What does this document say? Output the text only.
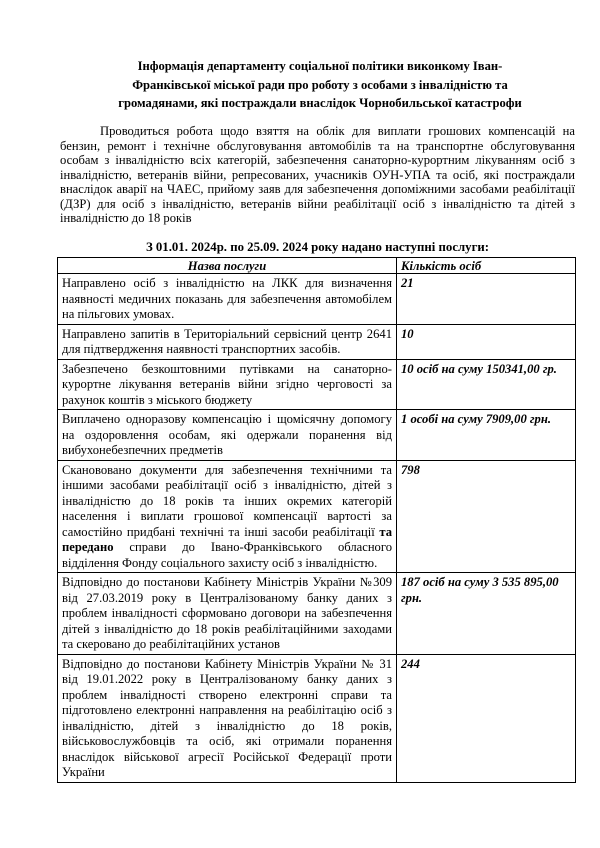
Інформація департаменту соціальної політики виконкому Іван-
Франківської міської ради про роботу з особами з інвалідністю та
громадянами, які постраждали внаслідок Чорнобильської катастрофи
Проводиться робота щодо взяття на облік для виплати грошових компенсацій на бензин, ремонт і технічне обслуговування автомобілів та на транспортне обслуговування особам з інвалідністю всіх категорій, забезпечення санаторно-курортним лікуванням осіб з інвалідністю, ветеранів війни, репресованих, учасників ОУН-УПА та осіб, які постраждали внаслідок аварії на ЧАЕС, прийому заяв для забезпечення допоміжними засобами реабілітації (ДЗР) для осіб з інвалідністю, ветеранів війни реабілітації осіб з інвалідністю та дітей з інвалідністю до 18 років
З 01.01. 2024р. по 25.09. 2024 року надано наступні послуги:
Назва послуги	Кількість осіб
Направлено осіб з інвалідністю на ЛКК для визначення наявності медичних показань для забезпечення автомобілем на пільгових умовах.	21
Направлено запитів в Територіальний сервісний центр 2641 для підтвердження наявності транспортних засобів.	10
Забезпечено безкоштовними путівками на санаторно-курортне лікування ветеранів війни згідно черговості за рахунок коштів з міського бюджету	10 осіб на суму 150341,00 гр.
Виплачено одноразову компенсацію і щомісячну допомогу на оздоровлення особам, які одержали поранення від вибухонебезпечних предметів	1 особі на суму 7909,00 грн.
Сканововано документи для забезпечення технічними та іншими засобами реабілітації осіб з інвалідністю, дітей з інвалідністю до 18 років та інших окремих категорій населення і виплати грошової компенсації вартості за самостійно придбані технічні та інші засоби реабілітації та передано справи до Івано-Франківського обласного відділення Фонду соціального захисту осіб з інвалідністю.	798
Відповідно до постанови Кабінету Міністрів України №309 від 27.03.2019 року в Централізованому банку даних з проблем інвалідності сформовано договори на забезпечення дітей з інвалідністю до 18 років реабілітаційними заходами та скеровано до реабілітаційних установ	187 осіб на суму 3 535 895,00 грн.
Відповідно до постанови Кабінету Міністрів України № 31 від 19.01.2022 року в Централізованому банку даних з проблем інвалідності створено електронні справи та підготовлено електронні направлення на реабілітацію осіб з інвалідністю, дітей з інвалідністю до 18 років, військовослужбовців та осіб, які отримали поранення внаслідок військової агресії Російської Федерації проти України	244
